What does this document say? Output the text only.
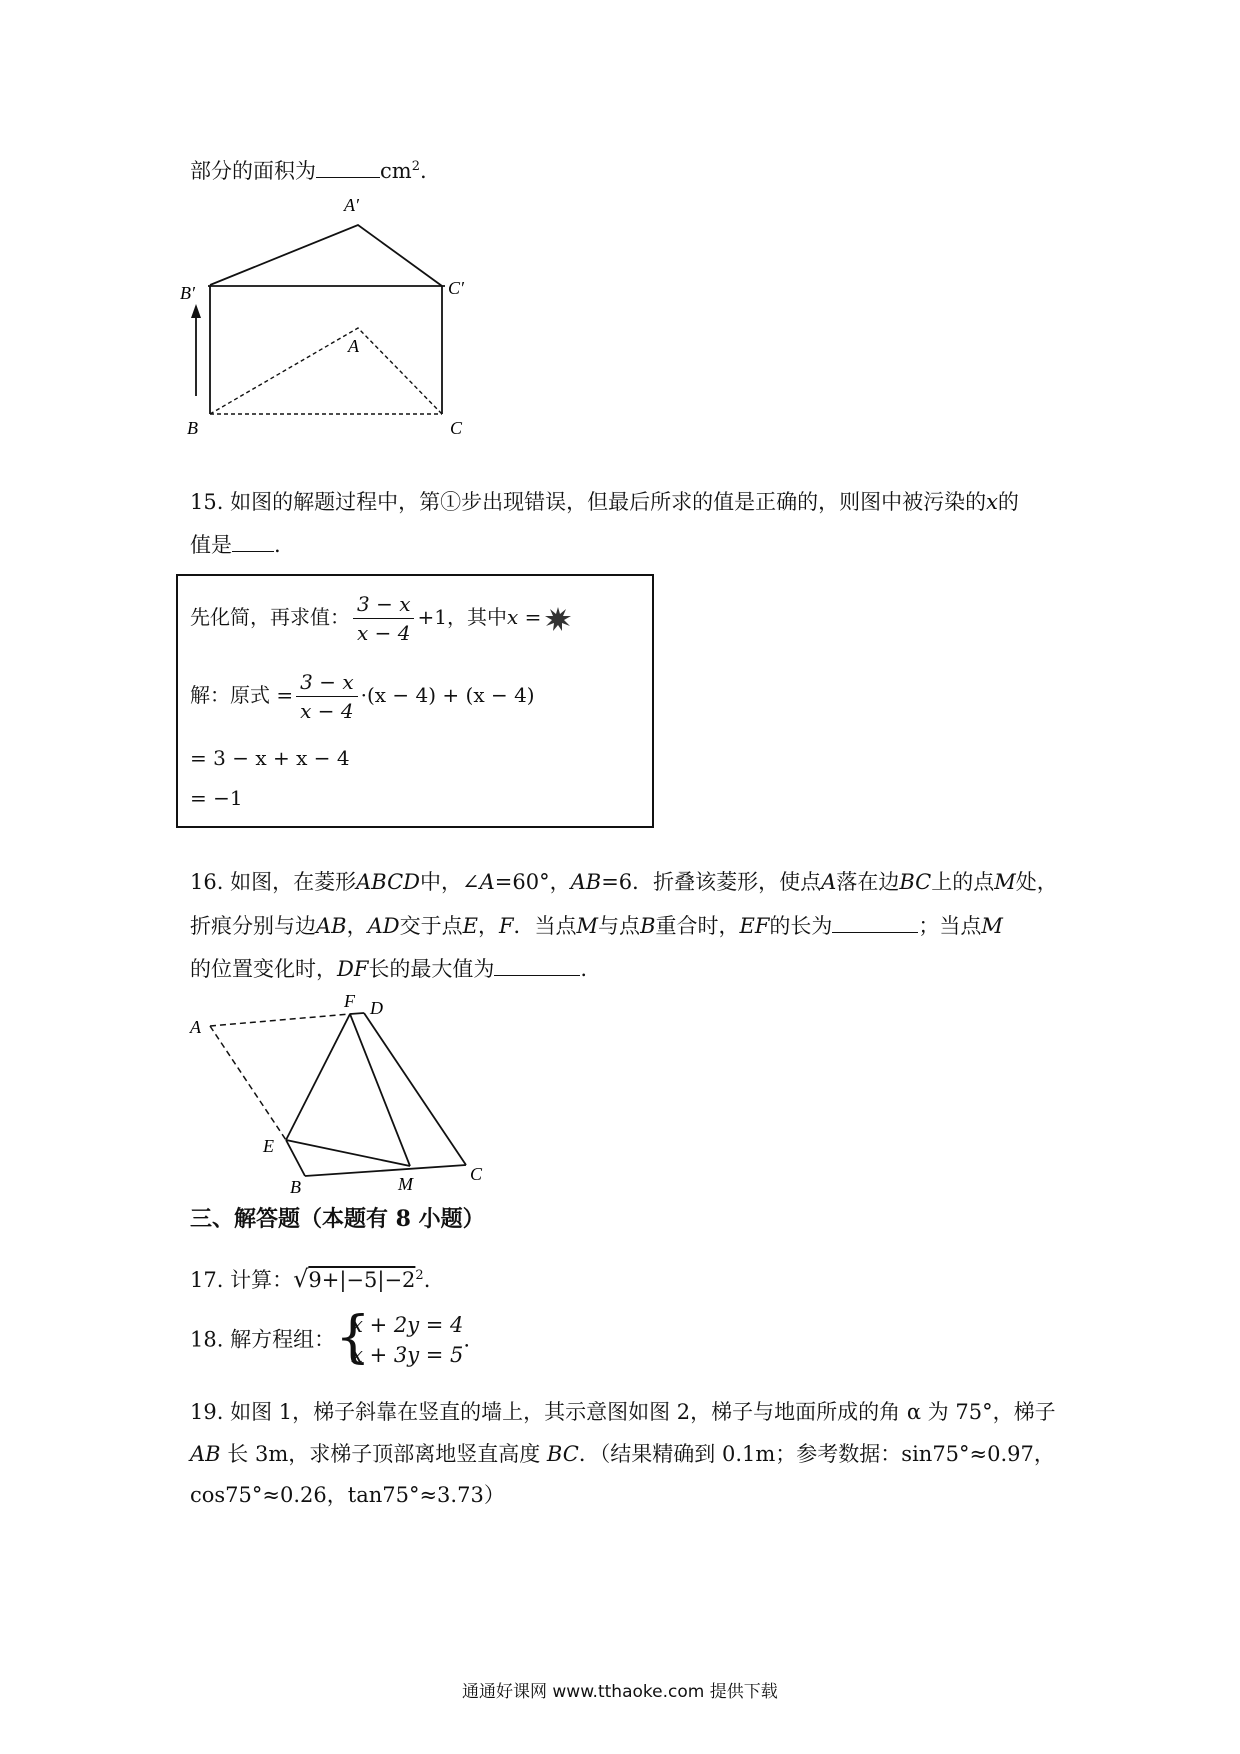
部分的面积为	$cm^2$.
A′
B′	C′
A
B	C
15. 如图的解题过程中，第①步出现错误，但最后所求的值是正确的，则图中被污染的x的
值是 .
先化简，再求值： $\frac{3 - x}{x - 4} +1$，其中x =
解：原式 = $\frac{3 - x}{x - 4} \cdot(x - 4) + (x - 4)$
= 3 − x + x − 4
= −1
16. 如图，在菱形ABCD中，∠A=60°，AB=6．折叠该菱形，使点A落在边BC上的点M处，
折痕分别与边AB，AD交于点E，F．当点M与点B重合时，EF的长为	；当点M
的位置变化时，DF长的最大值为	.
A
F D
E
B	M	C
三、解答题（本题有 8 小题）
17. 计算：$√9+|-5|-2^2$.
18. 解方程组： {
x + 2y = 4
x + 3y = 5
.
19. 如图 1，梯子斜靠在竖直的墙上，其示意图如图 2，梯子与地面所成的角 α 为 75°，梯子
AB 长 3m，求梯子顶部离地竖直高度 BC．（结果精确到 0.1m；参考数据：sin75°≈0.97，
cos75°≈0.26，tan75°≈3.73）
通通好课网 www.tthaoke.com 提供下载
